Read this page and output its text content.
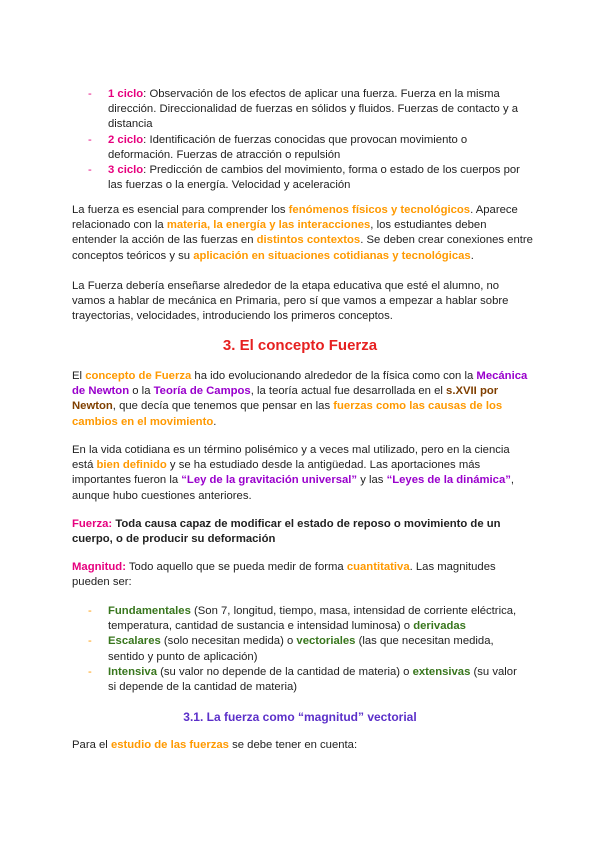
- 1 ciclo: Observación de los efectos de aplicar una fuerza. Fuerza en la misma dirección. Direccionalidad de fuerzas en sólidos y fluidos. Fuerzas de contacto y a distancia
- 2 ciclo: Identificación de fuerzas conocidas que provocan movimiento o deformación. Fuerzas de atracción o repulsión
- 3 ciclo: Predicción de cambios del movimiento, forma o estado de los cuerpos por las fuerzas o la energía. Velocidad y aceleración

La fuerza es esencial para comprender los fenómenos físicos y tecnológicos. Aparece relacionado con la materia, la energía y las interacciones, los estudiantes deben entender la acción de las fuerzas en distintos contextos. Se deben crear conexiones entre conceptos teóricos y su aplicación en situaciones cotidianas y tecnológicas.

La Fuerza debería enseñarse alrededor de la etapa educativa que esté el alumno, no vamos a hablar de mecánica en Primaria, pero sí que vamos a empezar a hablar sobre trayectorias, velocidades, introduciendo los primeros conceptos.

3. El concepto Fuerza

El concepto de Fuerza ha ido evolucionando alrededor de la física como con la Mecánica de Newton o la Teoría de Campos, la teoría actual fue desarrollada en el s.XVII por Newton, que decía que tenemos que pensar en las fuerzas como las causas de los cambios en el movimiento.

En la vida cotidiana es un término polisémico y a veces mal utilizado, pero en la ciencia está bien definido y se ha estudiado desde la antigüedad. Las aportaciones más importantes fueron la “Ley de la gravitación universal” y las “Leyes de la dinámica”, aunque hubo cuestiones anteriores.

Fuerza: Toda causa capaz de modificar el estado de reposo o movimiento de un cuerpo, o de producir su deformación

Magnitud: Todo aquello que se pueda medir de forma cuantitativa. Las magnitudes pueden ser:

- Fundamentales (Son 7, longitud, tiempo, masa, intensidad de corriente eléctrica, temperatura, cantidad de sustancia e intensidad luminosa) o derivadas
- Escalares (solo necesitan medida) o vectoriales (las que necesitan medida, sentido y punto de aplicación)
- Intensiva (su valor no depende de la cantidad de materia) o extensivas (su valor si depende de la cantidad de materia)
3.1. La fuerza como “magnitud” vectorial

Para el estudio de las fuerzas se debe tener en cuenta:
